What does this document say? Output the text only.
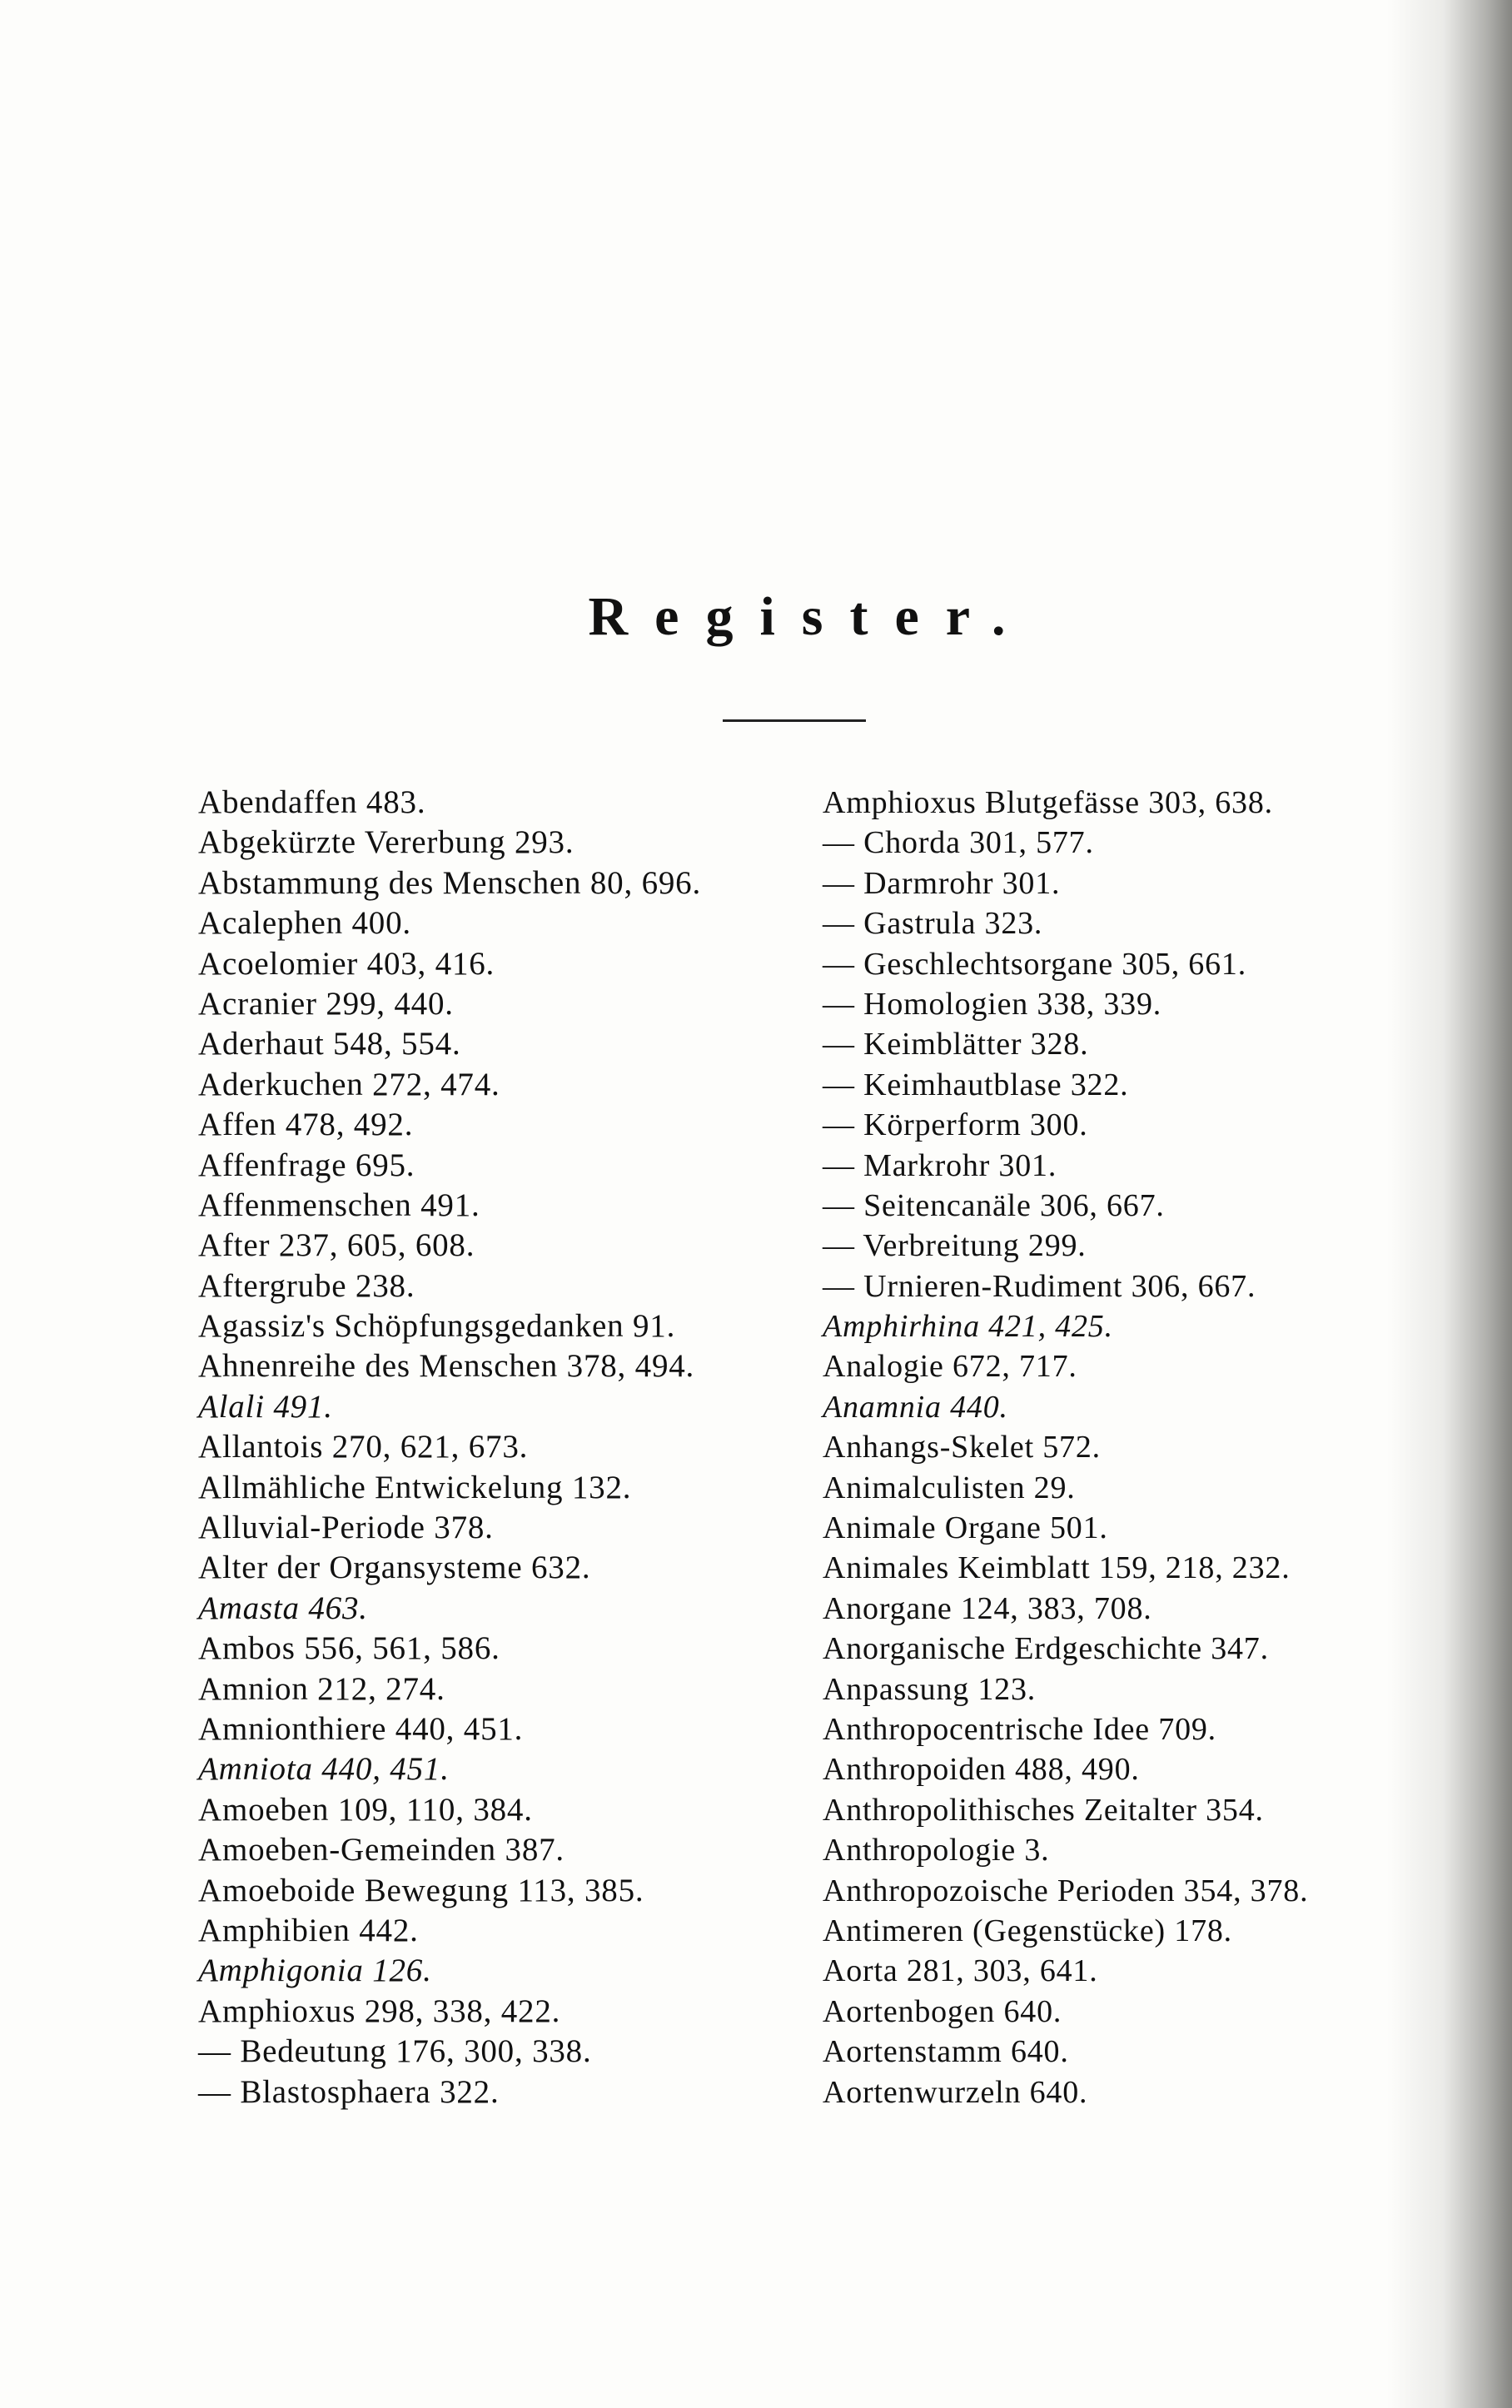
Register.
Abendaffen 483.
Abgekürzte Vererbung 293.
Abstammung des Menschen 80, 696.
Acalephen 400.
Acoelomier 403, 416.
Acranier 299, 440.
Aderhaut 548, 554.
Aderkuchen 272, 474.
Affen 478, 492.
Affenfrage 695.
Affenmenschen 491.
After 237, 605, 608.
Aftergrube 238.
Agassiz's Schöpfungsgedanken 91.
Ahnenreihe des Menschen 378, 494.
Alali 491.
Allantois 270, 621, 673.
Allmähliche Entwickelung 132.
Alluvial-Periode 378.
Alter der Organsysteme 632.
Amasta 463.
Ambos 556, 561, 586.
Amnion 212, 274.
Amnionthiere 440, 451.
Amniota 440, 451.
Amoeben 109, 110, 384.
Amoeben-Gemeinden 387.
Amoeboide Bewegung 113, 385.
Amphibien 442.
Amphigonia 126.
Amphioxus 298, 338, 422.
— Bedeutung 176, 300, 338.
— Blastosphaera 322.
Amphioxus Blutgefässe 303, 638.
— Chorda 301, 577.
— Darmrohr 301.
— Gastrula 323.
— Geschlechtsorgane 305, 661.
— Homologien 338, 339.
— Keimblätter 328.
— Keimhautblase 322.
— Körperform 300.
— Markrohr 301.
— Seitencanäle 306, 667.
— Verbreitung 299.
— Urnieren-Rudiment 306, 667.
Amphirhina 421, 425.
Analogie 672, 717.
Anamnia 440.
Anhangs-Skelet 572.
Animalculisten 29.
Animale Organe 501.
Animales Keimblatt 159, 218, 232.
Anorgane 124, 383, 708.
Anorganische Erdgeschichte 347.
Anpassung 123.
Anthropocentrische Idee 709.
Anthropoiden 488, 490.
Anthropolithisches Zeitalter 354.
Anthropologie 3.
Anthropozoische Perioden 354, 378.
Antimeren (Gegenstücke) 178.
Aorta 281, 303, 641.
Aortenbogen 640.
Aortenstamm 640.
Aortenwurzeln 640.
